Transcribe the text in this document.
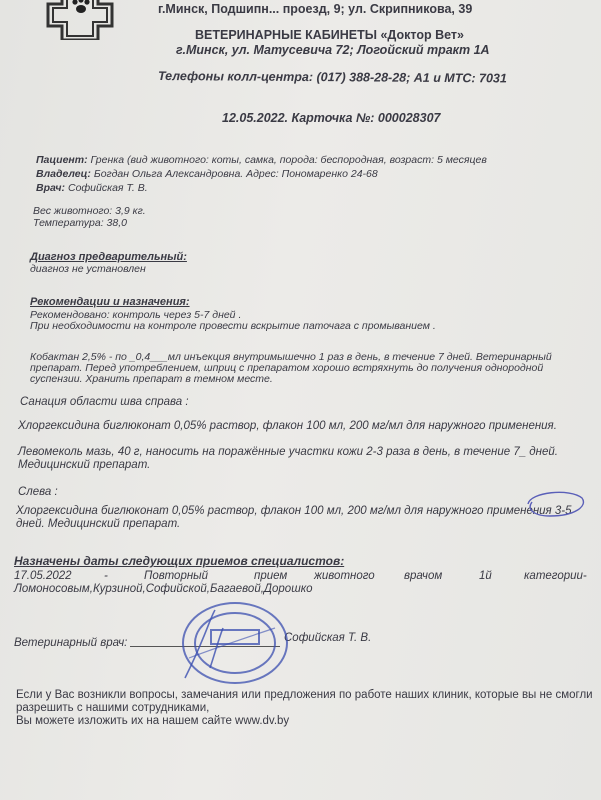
г.Минск, Подшипн... проезд, 9; ул. Скрипникова, 39
ВЕТЕРИНАРНЫЕ КАБИНЕТЫ «Доктор Вет»
г.Минск, ул. Матусевича 72; Логойский тракт 1А
Телефоны колл-центра: (017) 388-28-28; А1 и МТС: 7031
12.05.2022. Карточка №: 000028307
Пациент: Гренка (вид животного: коты, самка, порода: беспородная, возраст: 5 месяцев
Владелец: Богдан Ольга Александровна. Адрес: Пономаренко 24-68
Врач: Софийская Т. В.
Вес животного: 3,9 кг.
Температура: 38,0
Диагноз предварительный:
диагноз не установлен
Рекомендации и назначения:
Рекомендовано: контроль через 5-7 дней .
При необходимости на контроле провести вскрытие паточага с промыванием .
Кобактан 2,5% - по _0,4___мл инъекция внутримышечно 1 раз в день, в течение 7 дней. Ветеринарный
препарат. Перед употреблением, шприц с препаратом хорошо встряхнуть до получения однородной
суспензии. Хранить препарат в темном месте.
Санация области шва справа :
Хлоргексидина биглюконат 0,05% раствор, флакон 100 мл, 200 мг/мл для наружного применения.
Левомеколь мазь, 40 г, наносить на поражённые участки кожи 2-3 раза в день, в течение 7_ дней.
Медицинский препарат.
Слева :
Хлоргексидина биглюконат 0,05% раствор, флакон 100 мл, 200 мг/мл для наружного применения 3-5
дней. Медицинский препарат.
Назначены даты следующих приемов специалистов:
17.05.2022	-	Повторный	прием животного	врачом	1й	категории-
Ломоносовым,Курзиной,Софийской,Багаевой,Дорошко
Ветеринарный врач:	Софийская Т. В.
Если у Вас возникли вопросы, замечания или предложения по работе наших клиник, которые вы не смогли
разрешить с нашими сотрудниками,
Вы можете изложить их на нашем сайте www.dv.by
